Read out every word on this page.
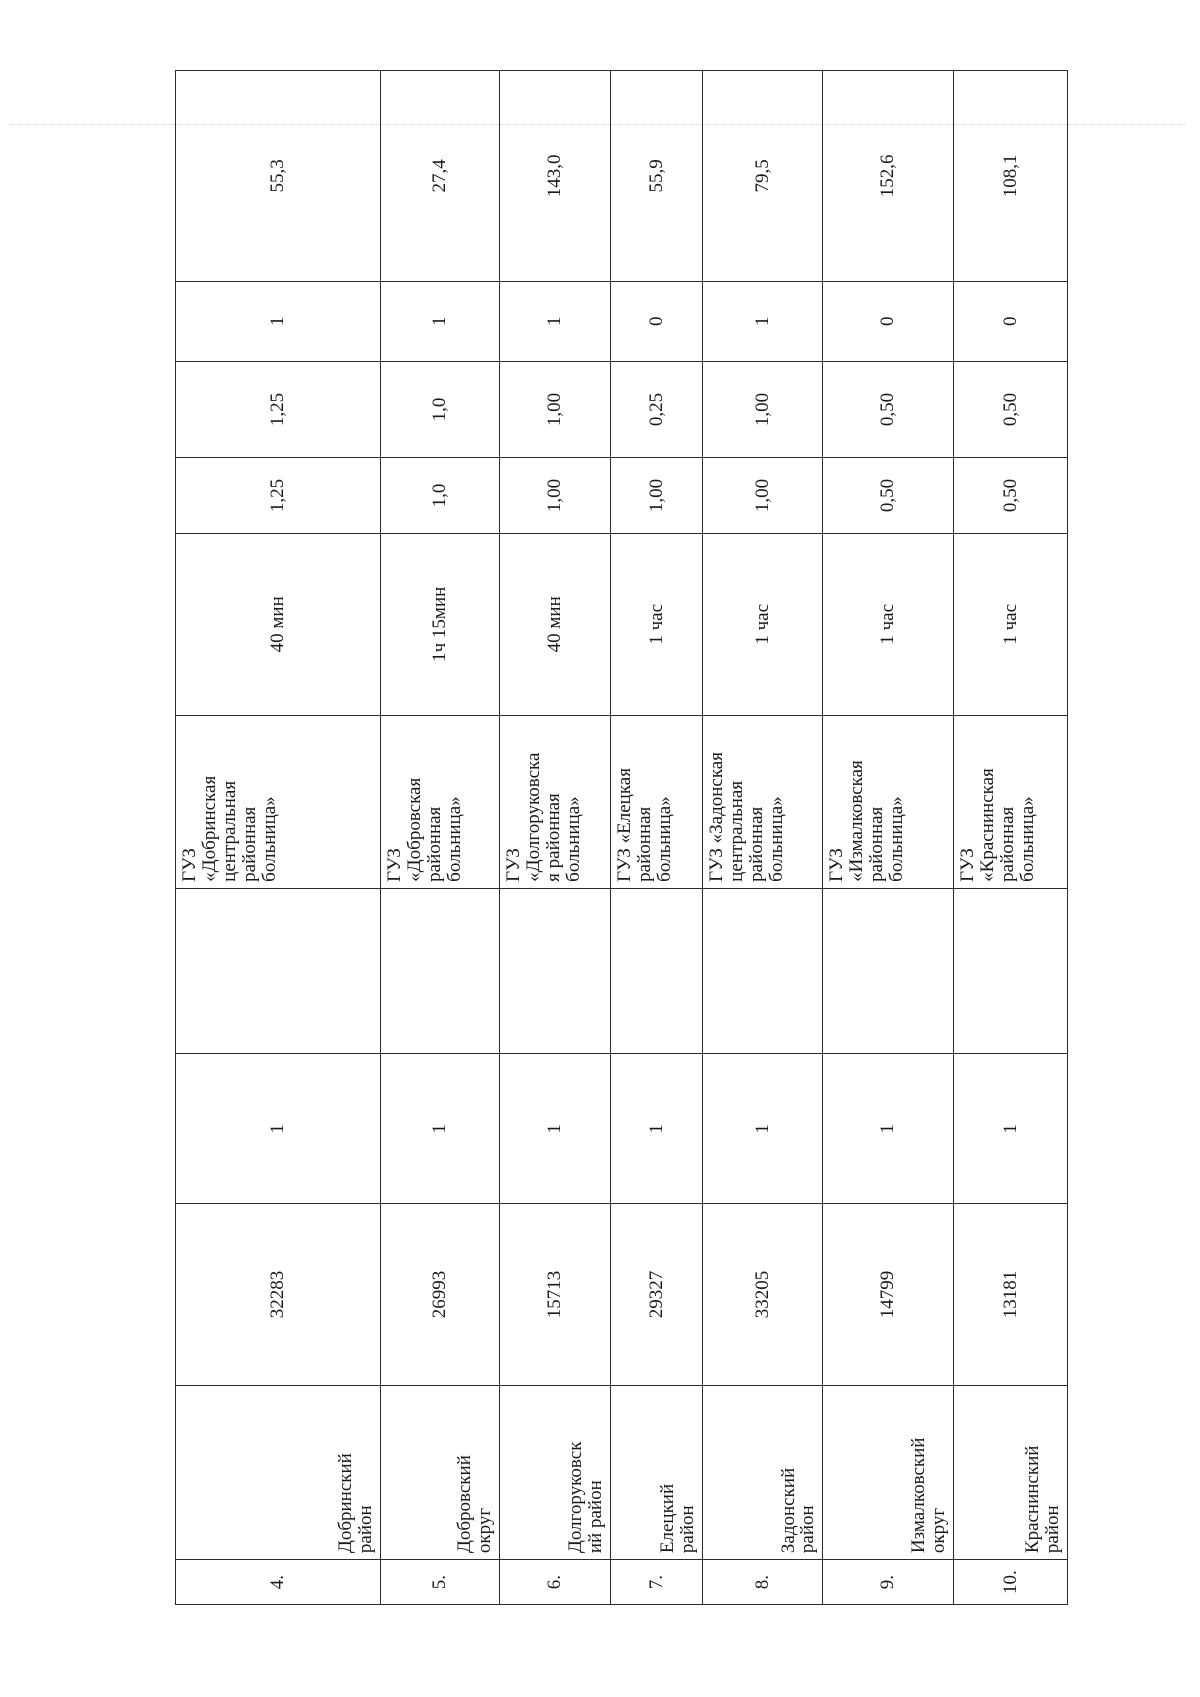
4.	Добринский
район	32283	1		ГУЗ
«Добринская
центральная
районная
больница»	40 мин	1,25	1,25	1	55,3
5.	Добровский
округ	26993	1		ГУЗ
«Добровская
районная
больница»	1ч 15мин	1,0	1,0	1	27,4
6.	Долгоруковск
ий район	15713	1		ГУЗ
«Долгоруковска
я районная
больница»	40 мин	1,00	1,00	1	143,0
7.	Елецкий
район	29327	1		ГУЗ «Елецкая
районная
больница»	1 час	1,00	0,25	0	55,9
8.	Задонский
район	33205	1		ГУЗ «Задонская
центральная
районная
больница»	1 час	1,00	1,00	1	79,5
9.	Измалковский
округ	14799	1		ГУЗ
«Измалковская
районная
больница»	1 час	0,50	0,50	0	152,6
10.	Краснинский
район	13181	1		ГУЗ
«Краснинская
районная
больница»	1 час	0,50	0,50	0	108,1
